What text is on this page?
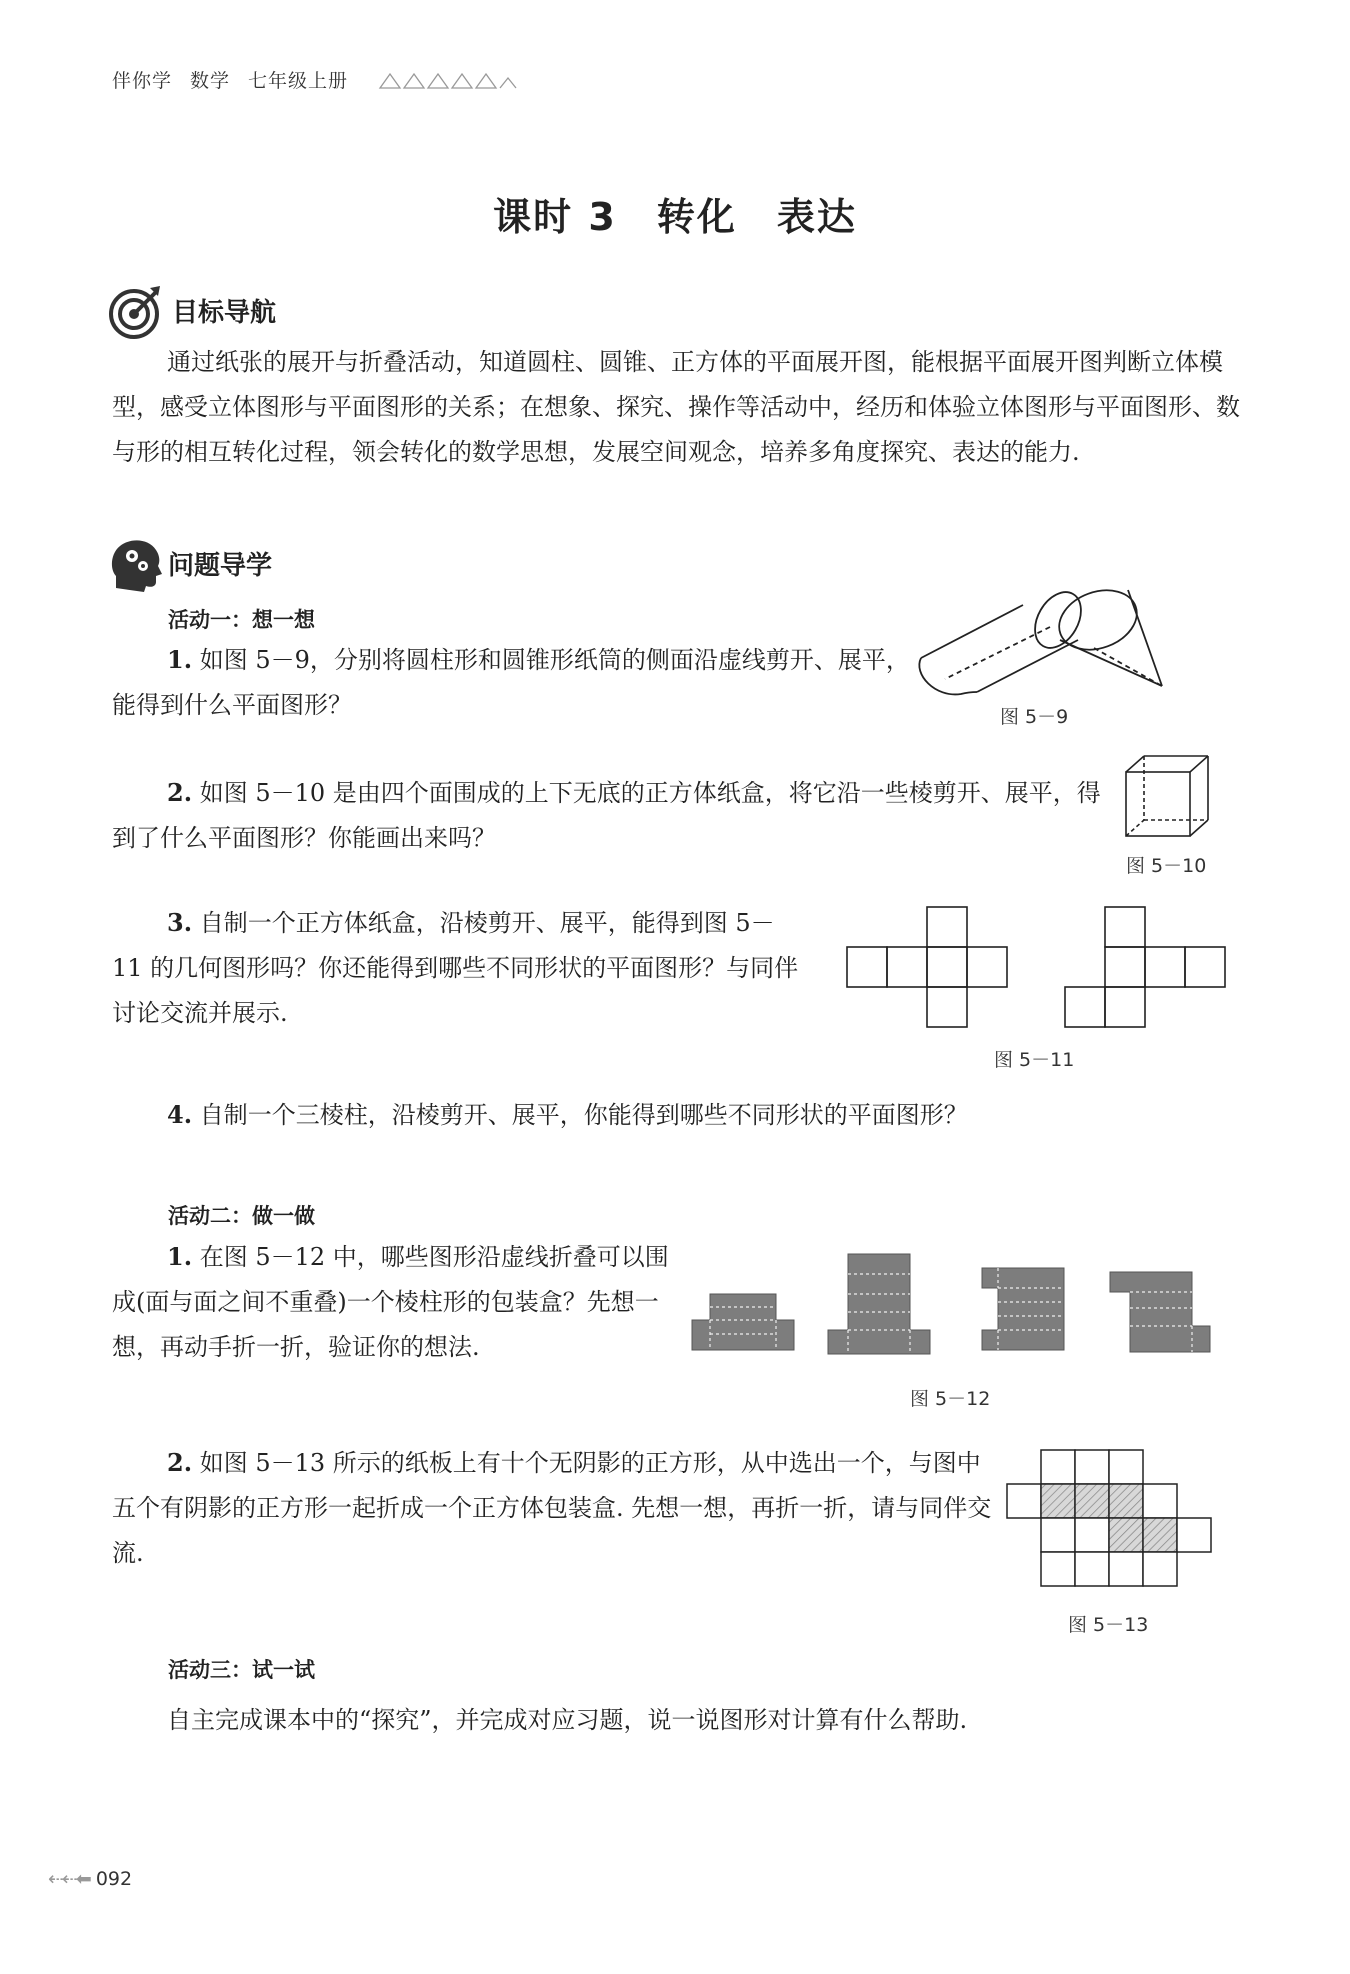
伴你学 数学 七年级上册
课时 3 转化 表达
目标导航
通过纸张的展开与折叠活动，知道圆柱、圆锥、正方体的平面展开图，能根据平面展开图判断立体模型，感受立体图形与平面图形的关系；在想象、探究、操作等活动中，经历和体验立体图形与平面图形、数与形的相互转化过程，领会转化的数学思想，发展空间观念，培养多角度探究、表达的能力.
问题导学
活动一：想一想
1. 如图 5－9，分别将圆柱形和圆锥形纸筒的侧面沿虚线剪开、展平，能得到什么平面图形？	图 5－9
2. 如图 5－10 是由四个面围成的上下无底的正方体纸盒，将它沿一些棱剪开、展平，得到了什么平面图形？你能画出来吗？
图 5－10
3. 自制一个正方体纸盒，沿棱剪开、展平，能得到图 5－11 的几何图形吗？你还能得到哪些不同形状的平面图形？与同伴讨论交流并展示.
图 5－11
4. 自制一个三棱柱，沿棱剪开、展平，你能得到哪些不同形状的平面图形？
活动二：做一做
1. 在图 5－12 中，哪些图形沿虚线折叠可以围成(面与面之间不重叠)一个棱柱形的包装盒？先想一想，再动手折一折，验证你的想法.
图 5－12
2. 如图 5－13 所示的纸板上有十个无阴影的正方形，从中选出一个，与图中五个有阴影的正方形一起折成一个正方体包装盒. 先想一想，再折一折，请与同伴交流.
图 5－13
活动三：试一试
自主完成课本中的“探究”，并完成对应习题，说一说图形对计算有什么帮助.
⇠⇠⬅ 092
